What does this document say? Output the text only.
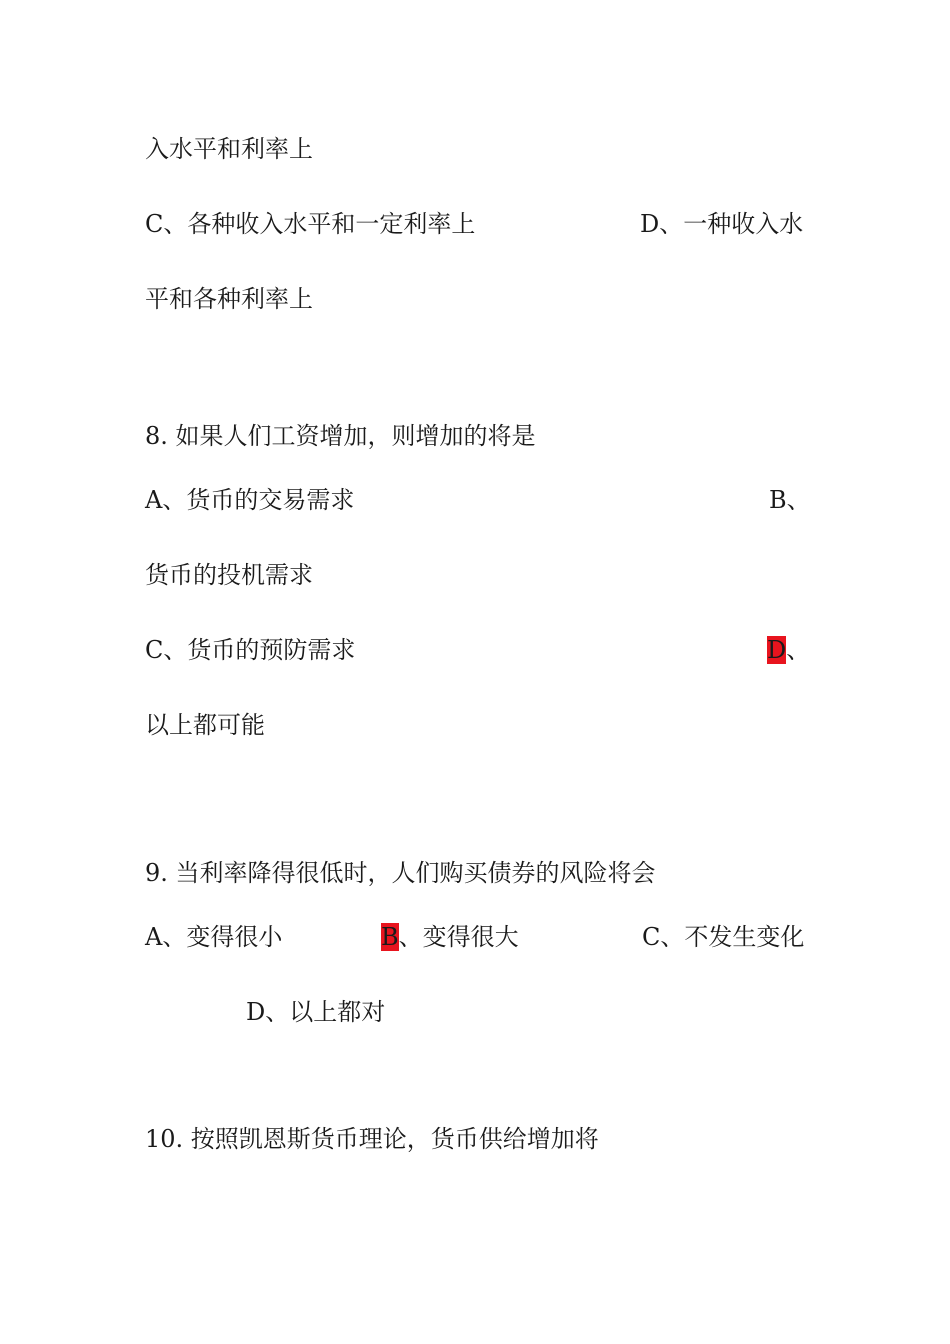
入水平和利率上
C、各种收入水平和一定利率上	D、一种收入水
平和各种利率上
8. 如果人们工资增加，则增加的将是
A、货币的交易需求	B、
货币的投机需求
C、货币的预防需求	D、
以上都可能
9. 当利率降得很低时，人们购买债券的风险将会
A、变得很小	B、变得很大	C、不发生变化
D、以上都对
10. 按照凯恩斯货币理论，货币供给增加将
